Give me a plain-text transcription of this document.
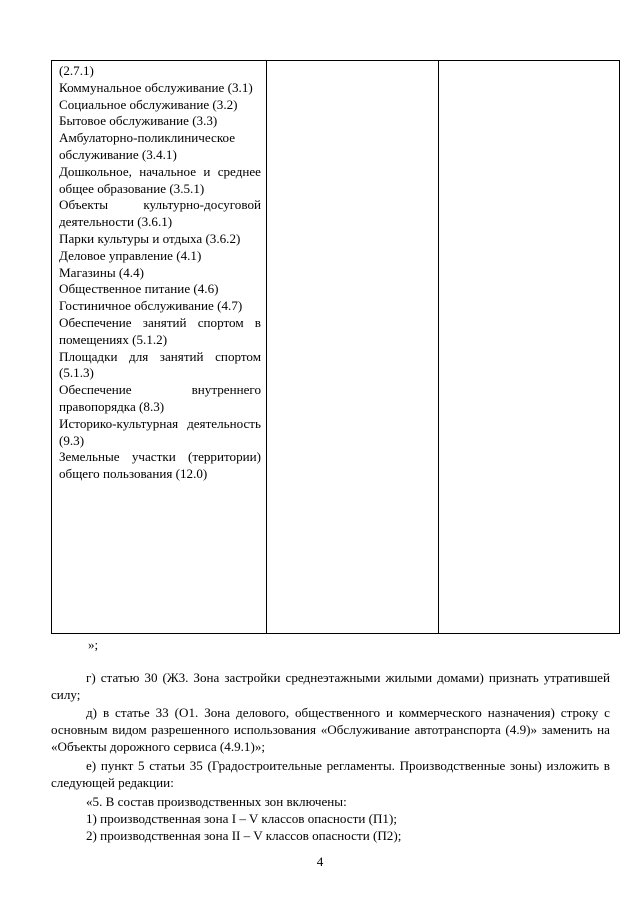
(2.7.1)
Коммунальное обслуживание (3.1)
Социальное обслуживание (3.2)
Бытовое обслуживание (3.3)
Амбулаторно-поликлиническое обслуживание (3.4.1)
Дошкольное, начальное и среднее общее образование (3.5.1)
Объекты культурно-досуговой деятельности (3.6.1)
Парки культуры и отдыха (3.6.2)
Деловое управление (4.1)
Магазины (4.4)
Общественное питание (4.6)
Гостиничное обслуживание (4.7)
Обеспечение занятий спортом в помещениях (5.1.2)
Площадки для занятий спортом (5.1.3)
Обеспечение внутреннего правопорядка (8.3)
Историко-культурная деятельность (9.3)
Земельные участки (территории) общего пользования (12.0)

»;

г) статью 30 (Ж3. Зона застройки среднеэтажными жилыми домами) признать утратившей силу;

д) в статье 33 (О1. Зона делового, общественного и коммерческого назначения) строку с основным видом разрешенного использования «Обслуживание автотранспорта (4.9)» заменить на «Объекты дорожного сервиса (4.9.1)»;

е) пункт 5 статьи 35 (Градостроительные регламенты. Производственные зоны) изложить в следующей редакции:

«5. В состав производственных зон включены:
1) производственная зона I – V классов опасности (П1);
2) производственная зона II – V классов опасности (П2);
4
